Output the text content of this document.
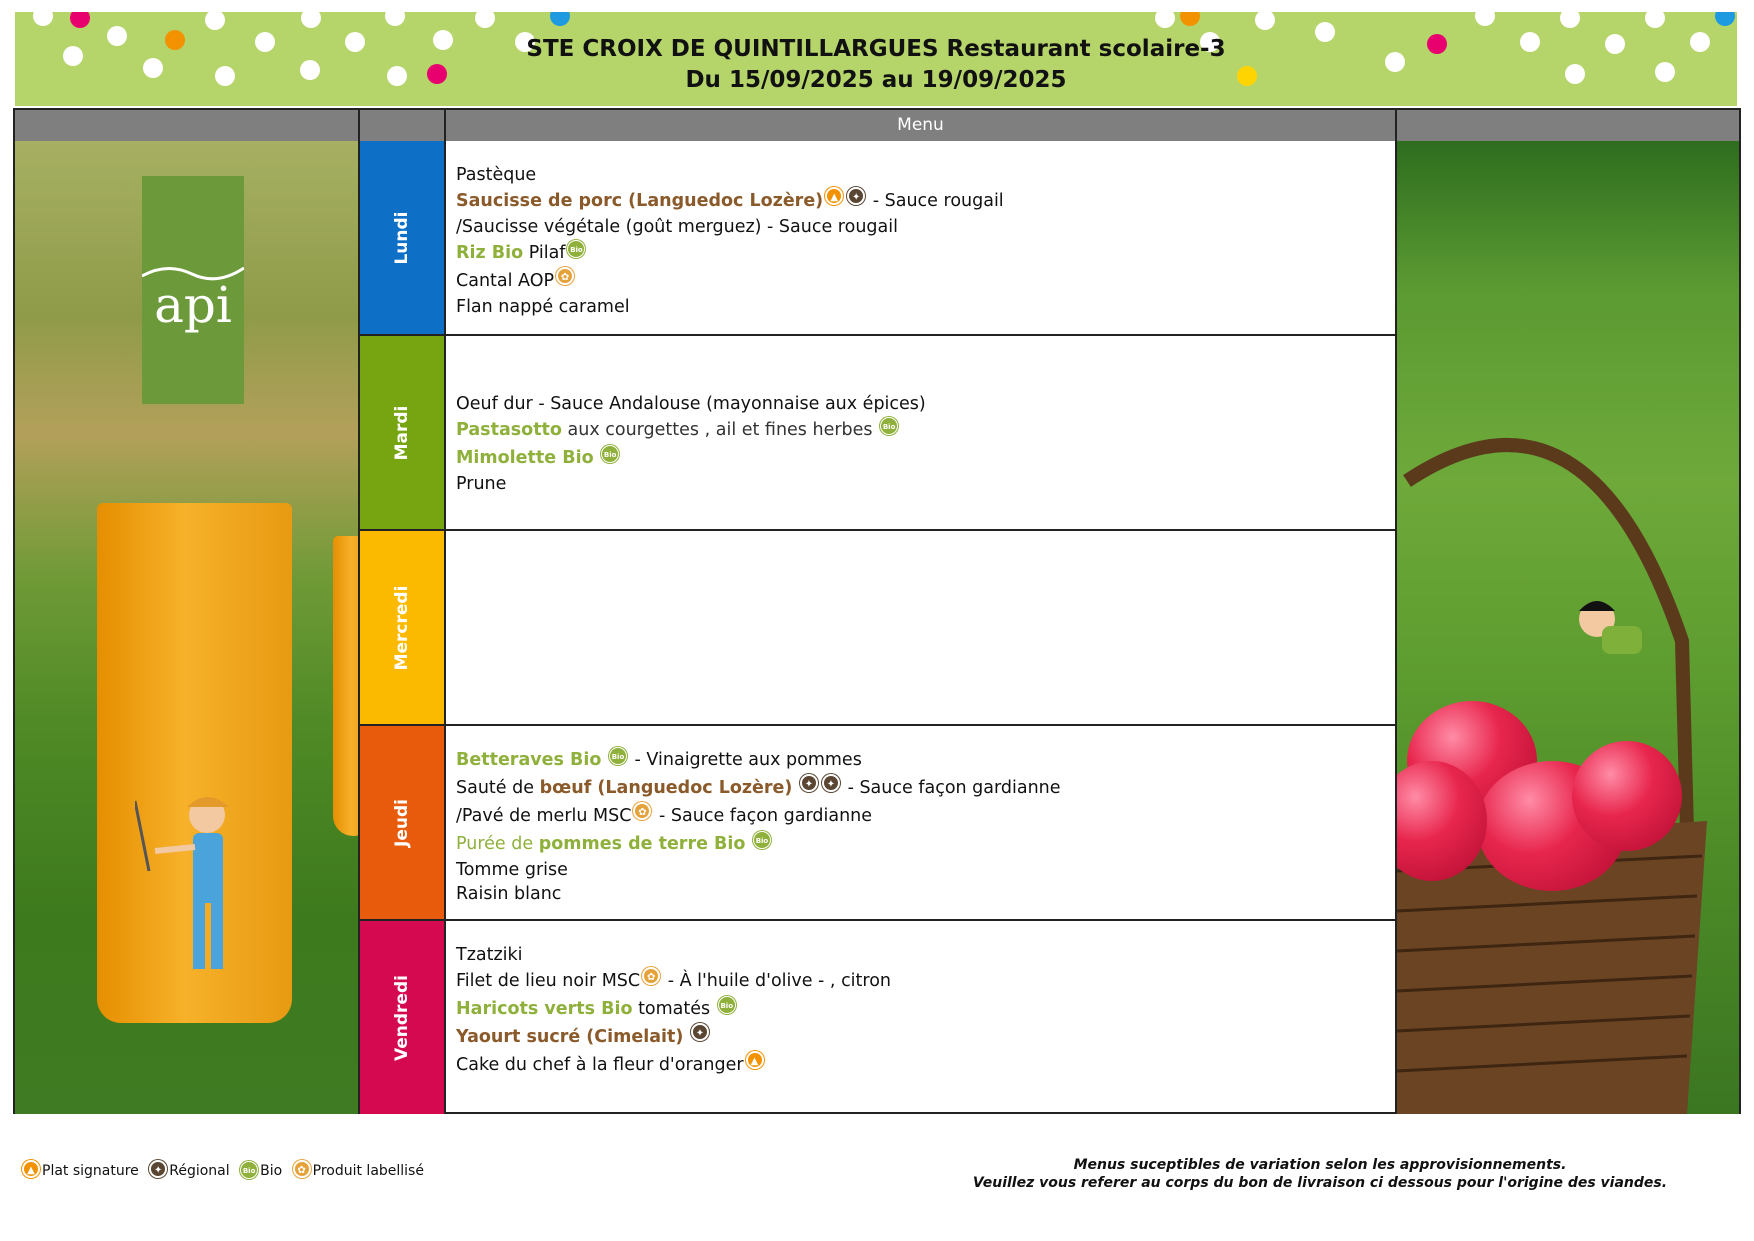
STE CROIX DE QUINTILLARGUES Restaurant scolaire-3
Du 15/09/2025 au 19/09/2025
Menu
api
Lundi
Mardi
Mercredi
Jeudi
Vendredi
Pastèque
Saucisse de porc (Languedoc Lozère) ▲ ✦ - Sauce rougail
/Saucisse végétale (goût merguez) - Sauce rougail
Riz Bio Pilaf Bio
Cantal AOP ✿
Flan nappé caramel
Oeuf dur - Sauce Andalouse (mayonnaise aux épices)
Pastasotto aux courgettes , ail et fines herbes Bio
Mimolette Bio Bio
Prune
Betteraves Bio Bio - Vinaigrette aux pommes
Sauté de bœuf (Languedoc Lozère) ✦ ✦ - Sauce façon gardianne
/Pavé de merlu MSC ✿ - Sauce façon gardianne
Purée de pommes de terre Bio Bio
Tomme grise
Raisin blanc
Tzatziki
Filet de lieu noir MSC ✿ - À l'huile d'olive - , citron
Haricots verts Bio tomatés Bio
Yaourt sucré (Cimelait) ✦
Cake du chef à la fleur d'oranger ▲
▲ Plat signature ✦ Régional Bio Bio ✿ Produit labellisé	Menus suceptibles de variation selon les approvisionnements.
Veuillez vous referer au corps du bon de livraison ci dessous pour l'origine des viandes.
